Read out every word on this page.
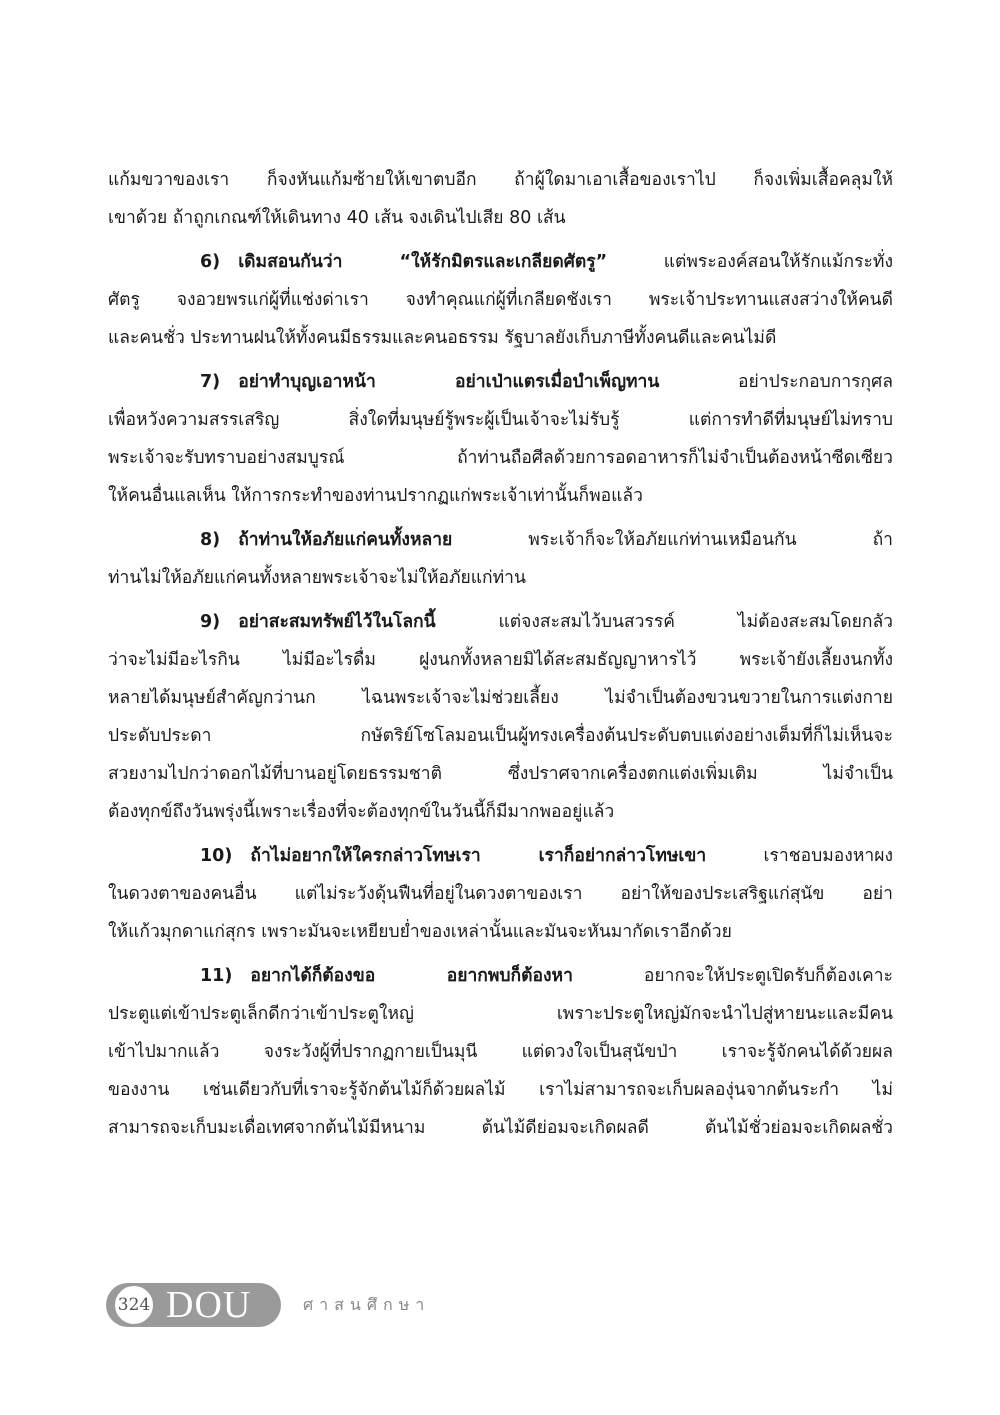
แก้มขวาของเรา ก็จงหันแก้มซ้ายให้เขาตบอีก ถ้าผู้ใดมาเอาเสื้อของเราไป ก็จงเพิ่มเสื้อคลุมให้
เขาด้วย ถ้าถูกเกณฑ์ให้เดินทาง 40 เส้น จงเดินไปเสีย 80 เส้น
6) เดิมสอนกันว่า “ให้รักมิตรและเกลียดศัตรู” แต่พระองค์สอนให้รักแม้กระทั่ง
ศัตรู จงอวยพรแก่ผู้ที่แช่งด่าเรา จงทำคุณแก่ผู้ที่เกลียดชังเรา พระเจ้าประทานแสงสว่างให้คนดี
และคนชั่ว ประทานฝนให้ทั้งคนมีธรรมและคนอธรรม รัฐบาลยังเก็บภาษีทั้งคนดีและคนไม่ดี
7) อย่าทำบุญเอาหน้า อย่าเป่าแตรเมื่อบำเพ็ญทาน อย่าประกอบการกุศล
เพื่อหวังความสรรเสริญ สิ่งใดที่มนุษย์รู้พระผู้เป็นเจ้าจะไม่รับรู้ แต่การทำดีที่มนุษย์ไม่ทราบ
พระเจ้าจะรับทราบอย่างสมบูรณ์ ถ้าท่านถือศีลด้วยการอดอาหารก็ไม่จำเป็นต้องหน้าซีดเซียว
ให้คนอื่นแลเห็น ให้การกระทำของท่านปรากฏแก่พระเจ้าเท่านั้นก็พอแล้ว
8) ถ้าท่านให้อภัยแก่คนทั้งหลาย พระเจ้าก็จะให้อภัยแก่ท่านเหมือนกัน ถ้า
ท่านไม่ให้อภัยแก่คนทั้งหลายพระเจ้าจะไม่ให้อภัยแก่ท่าน
9) อย่าสะสมทรัพย์ไว้ในโลกนี้ แต่จงสะสมไว้บนสวรรค์ ไม่ต้องสะสมโดยกลัว
ว่าจะไม่มีอะไรกิน ไม่มีอะไรดื่ม ฝูงนกทั้งหลายมิได้สะสมธัญญาหารไว้ พระเจ้ายังเลี้ยงนกทั้ง
หลายได้มนุษย์สำคัญกว่านก ไฉนพระเจ้าจะไม่ช่วยเลี้ยง ไม่จำเป็นต้องขวนขวายในการแต่งกาย
ประดับประดา กษัตริย์โซโลมอนเป็นผู้ทรงเครื่องต้นประดับตบแต่งอย่างเต็มที่ก็ไม่เห็นจะ
สวยงามไปกว่าดอกไม้ที่บานอยู่โดยธรรมชาติ ซึ่งปราศจากเครื่องตกแต่งเพิ่มเติม ไม่จำเป็น
ต้องทุกข์ถึงวันพรุ่งนี้เพราะเรื่องที่จะต้องทุกข์ในวันนี้ก็มีมากพออยู่แล้ว
10) ถ้าไม่อยากให้ใครกล่าวโทษเรา เราก็อย่ากล่าวโทษเขา เราชอบมองหาผง
ในดวงตาของคนอื่น แต่ไม่ระวังดุ้นฟืนที่อยู่ในดวงตาของเรา อย่าให้ของประเสริฐแก่สุนัข อย่า
ให้แก้วมุกดาแก่สุกร เพราะมันจะเหยียบย่ำของเหล่านั้นและมันจะหันมากัดเราอีกด้วย
11) อยากได้ก็ต้องขอ อยากพบก็ต้องหา อยากจะให้ประตูเปิดรับก็ต้องเคาะ
ประตูแต่เข้าประตูเล็กดีกว่าเข้าประตูใหญ่ เพราะประตูใหญ่มักจะนำไปสู่หายนะและมีคน
เข้าไปมากแล้ว จงระวังผู้ที่ปรากฏกายเป็นมุนี แต่ดวงใจเป็นสุนัขป่า เราจะรู้จักคนได้ด้วยผล
ของงาน เช่นเดียวกับที่เราจะรู้จักต้นไม้ก็ด้วยผลไม้ เราไม่สามารถจะเก็บผลองุ่นจากต้นระกำ ไม่
สามารถจะเก็บมะเดื่อเทศจากต้นไม้มีหนาม ต้นไม้ดีย่อมจะเกิดผลดี ต้นไม้ชั่วย่อมจะเกิดผลชั่ว
324 DOU	ศาสนศึกษา
